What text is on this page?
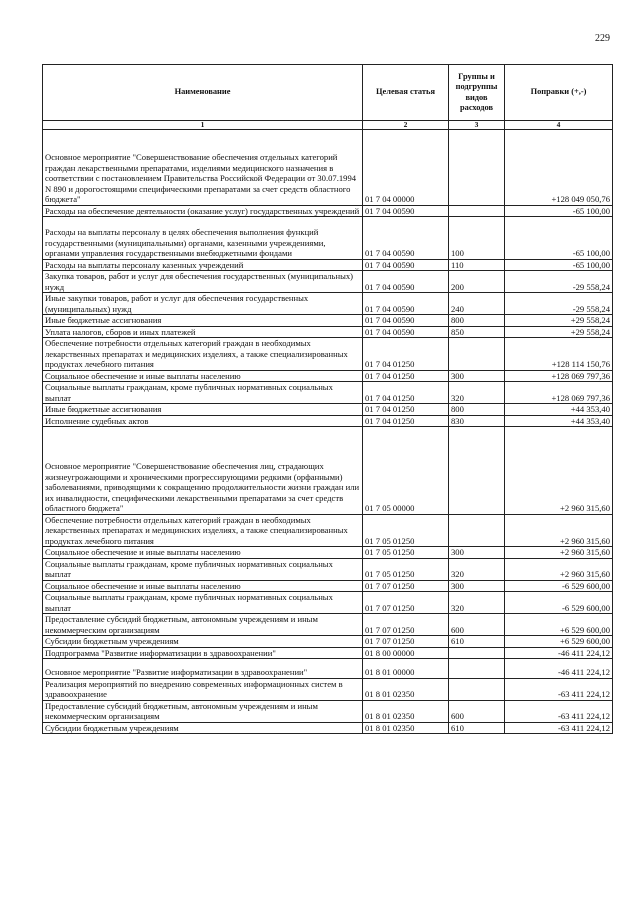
229
Наименование	Целевая статья	Группы и подгруппы видов расходов	Поправки (+,-)
1	2	3	4
Основное мероприятие "Совершенствование обеспечения отдельных категорий граждан лекарственными препаратами, изделиями медицинского назначения в соответствии с постановлением Правительства Российской Федерации от 30.07.1994 N 890 и дорогостоящими специфическими препаратами за счет средств областного бюджета"	01 7 04 00000		+128 049 050,76
Расходы на обеспечение деятельности (оказание услуг) государственных учреждений	01 7 04 00590		-65 100,00
Расходы на выплаты персоналу в целях обеспечения выполнения функций государственными (муниципальными) органами, казенными учреждениями, органами управления государственными внебюджетными фондами	01 7 04 00590	100	-65 100,00
Расходы на выплаты персоналу казенных учреждений	01 7 04 00590	110	-65 100,00
Закупка товаров, работ и услуг для обеспечения государственных (муниципальных) нужд	01 7 04 00590	200	-29 558,24
Иные закупки товаров, работ и услуг для обеспечения государственных (муниципальных) нужд	01 7 04 00590	240	-29 558,24
Иные бюджетные ассигнования	01 7 04 00590	800	+29 558,24
Уплата налогов, сборов и иных платежей	01 7 04 00590	850	+29 558,24
Обеспечение потребности отдельных категорий граждан в необходимых лекарственных препаратах и медицинских изделиях, а также специализированных продуктах лечебного питания	01 7 04 01250		+128 114 150,76
Социальное обеспечение и иные выплаты населению	01 7 04 01250	300	+128 069 797,36
Социальные выплаты гражданам, кроме публичных нормативных социальных выплат	01 7 04 01250	320	+128 069 797,36
Иные бюджетные ассигнования	01 7 04 01250	800	+44 353,40
Исполнение судебных актов	01 7 04 01250	830	+44 353,40
Основное мероприятие "Совершенствование обеспечения лиц, страдающих жизнеугрожающими и хроническими прогрессирующими редкими (орфанными) заболеваниями, приводящими к сокращению продолжительности жизни граждан или их инвалидности, специфическими лекарственными препаратами за счет средств областного бюджета"	01 7 05 00000		+2 960 315,60
Обеспечение потребности отдельных категорий граждан в необходимых лекарственных препаратах и медицинских изделиях, а также специализированных продуктах лечебного питания	01 7 05 01250		+2 960 315,60
Социальное обеспечение и иные выплаты населению	01 7 05 01250	300	+2 960 315,60
Социальные выплаты гражданам, кроме публичных нормативных социальных выплат	01 7 05 01250	320	+2 960 315,60
Социальное обеспечение и иные выплаты населению	01 7 07 01250	300	-6 529 600,00
Социальные выплаты гражданам, кроме публичных нормативных социальных выплат	01 7 07 01250	320	-6 529 600,00
Предоставление субсидий бюджетным, автономным учреждениям и иным некоммерческим организациям	01 7 07 01250	600	+6 529 600,00
Субсидии бюджетным учреждениям	01 7 07 01250	610	+6 529 600,00
Подпрограмма "Развитие информатизации в здравоохранении"	01 8 00 00000		-46 411 224,12
Основное мероприятие "Развитие информатизации в здравоохранении"	01 8 01 00000		-46 411 224,12
Реализация мероприятий по внедрению современных информационных систем в здравоохранение	01 8 01 02350		-63 411 224,12
Предоставление субсидий бюджетным, автономным учреждениям и иным некоммерческим организациям	01 8 01 02350	600	-63 411 224,12
Субсидии бюджетным учреждениям	01 8 01 02350	610	-63 411 224,12
